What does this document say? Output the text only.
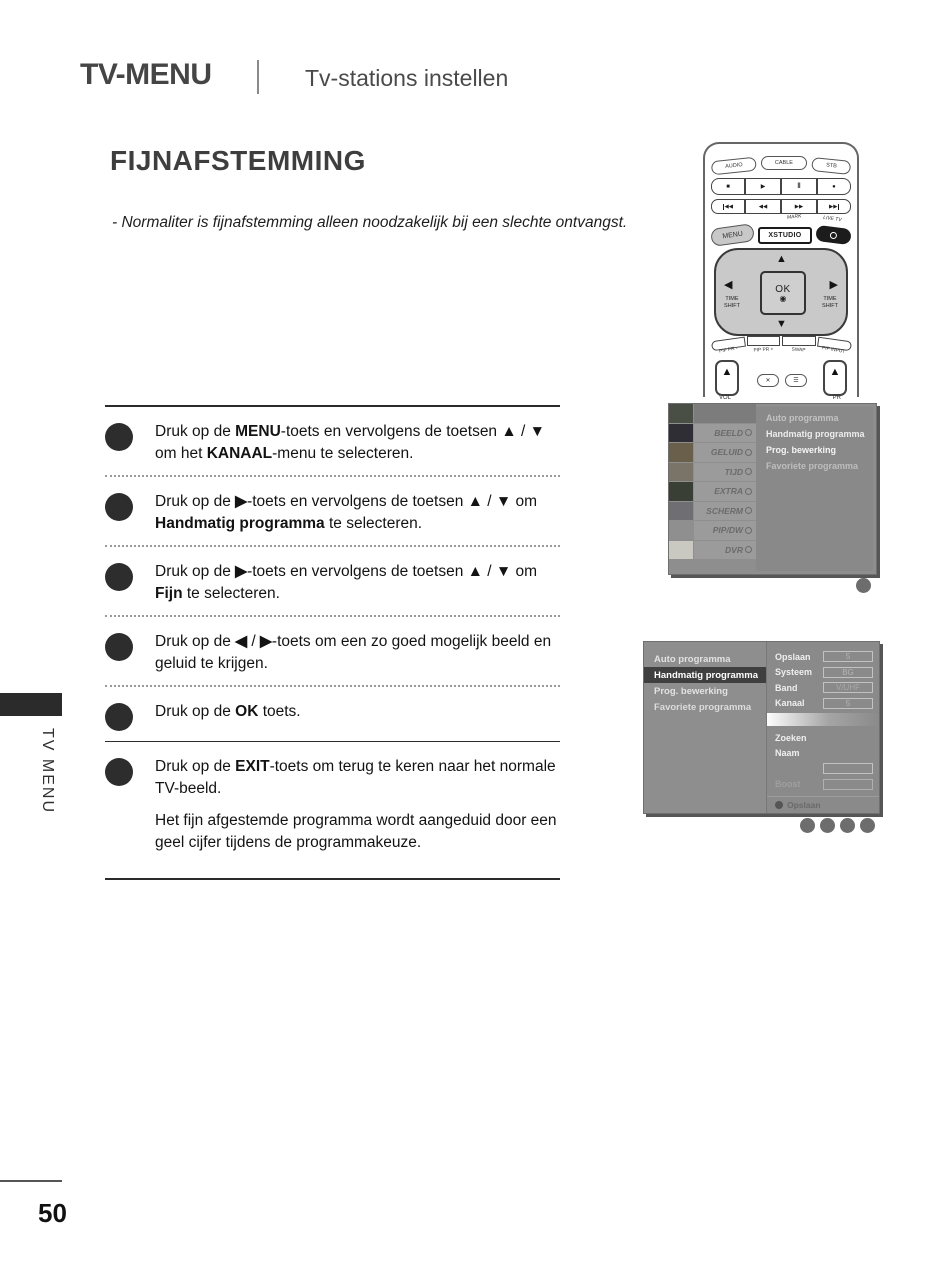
TV-MENU	Tv-stations instellen
FIJNAFSTEMMING
- Normaliter is fijnafstemming alleen noodzakelijk bij een slechte ontvangst.
AUDIO	CABLE	STB
■	▶	‖	●
◀◀	◀◀	▶▶	▶▶
MARK	LIVE TV
MENU	XSTUDIO
▲
▼
◀	▶
TIME SHIFT
TIME SHIFT
OK
◉
PIP PR -	PIP PR +	SWAP	PIP INPUT
▲
✕	☰
▲
VOL	PR
Druk op de MENU-toets en vervolgens de toetsen ▲ / ▼ om het KANAAL-menu te selecteren.
Druk op de ▶-toets en vervolgens de toetsen ▲ / ▼ om Handmatig programma te selecteren.
Druk op de ▶-toets en vervolgens de toetsen ▲ / ▼ om Fijn te selecteren.
Druk op de ◀ / ▶-toets om een zo goed mogelijk beeld en geluid te krijgen.
Druk op de OK toets.

Druk op de EXIT-toets om terug te keren naar het normale TV-beeld.

Het fijn afgestemde programma wordt aangeduid door een geel cijfer tijdens de programmakeuze.

BEELD
GELUID
TIJD
EXTRA
SCHERM
PIP/DW
DVR
Auto programma
Handmatig programma
Prog. bewerking
Favoriete programma
Auto programma
Handmatig programma
Prog. bewerking
Favoriete programma
Opslaan	5
Systeem	BG
Band	V/UHF
Kanaal	5
Zoeken
Naam
Boost
Opslaan
TV MENU
50
